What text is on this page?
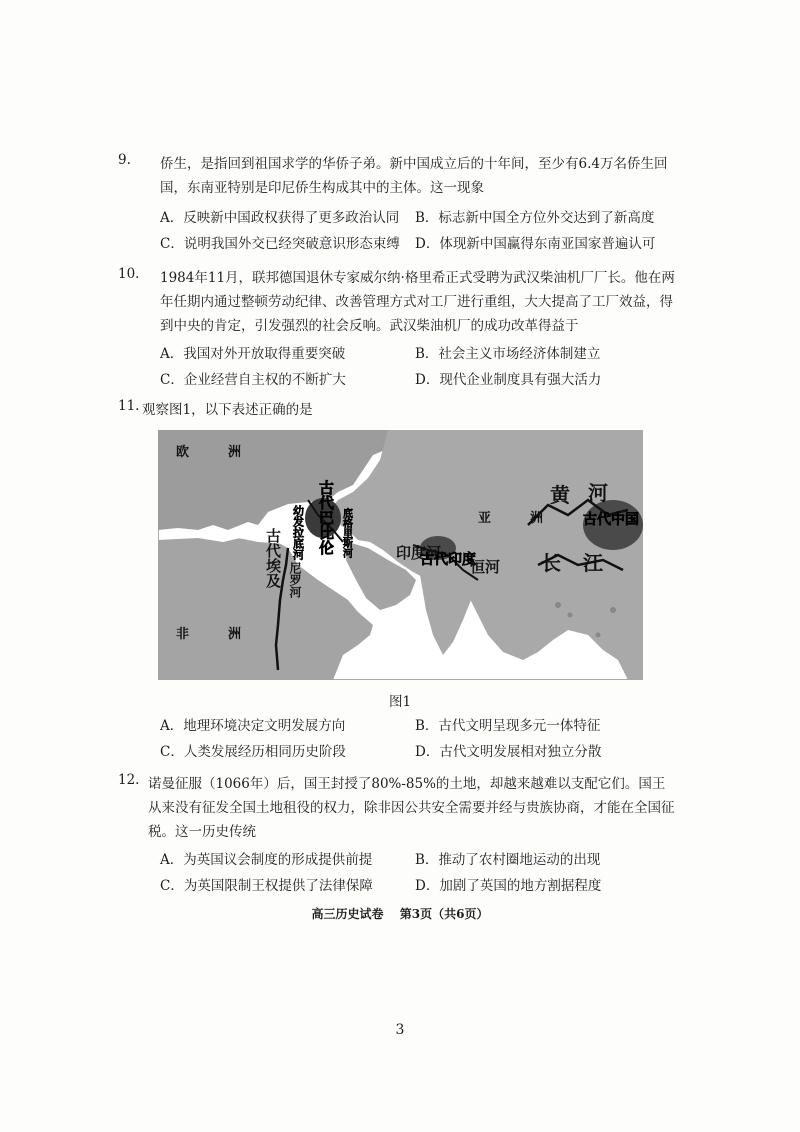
9. 侨生，是指回到祖国求学的华侨子弟。新中国成立后的十年间，至少有6.4万名侨生回国，东南亚特别是印尼侨生构成其中的主体。这一现象
A．反映新中国政权获得了更多政治认同 B．标志新中国全方位外交达到了新高度
C．说明我国外交已经突破意识形态束缚 D．体现新中国赢得东南亚国家普遍认可
10. 1984年11月，联邦德国退休专家威尔纳·格里希正式受聘为武汉柴油机厂厂长。他在两年任期内通过整顿劳动纪律、改善管理方式对工厂进行重组，大大提高了工厂效益，得到中央的肯定，引发强烈的社会反响。武汉柴油机厂的成功改革得益于
A．我国对外开放取得重要突破	B．社会主义市场经济体制建立
C．企业经营自主权的不断扩大	D．现代企业制度具有强大活力
11. 观察图1，以下表述正确的是
欧	洲
非	洲
亚	洲
古代巴比伦
幼发拉底河	底格里斯河
古代埃及 尼罗河
印度河
古代印度
恒河
黄 河
古代中国
长 江
图1
A．地理环境决定文明发展方向	B．古代文明呈现多元一体特征
C．人类发展经历相同历史阶段	D．古代文明发展相对独立分散
12. 诺曼征服（1066年）后，国王封授了80%-85%的土地，却越来越难以支配它们。国王从来没有征发全国土地租役的权力，除非因公共安全需要并经与贵族协商，才能在全国征税。这一历史传统
A．为英国议会制度的形成提供前提	B．推动了农村圈地运动的出现
C．为英国限制王权提供了法律保障	D．加剧了英国的地方割据程度
高三历史试卷 第3页（共6页）
3
